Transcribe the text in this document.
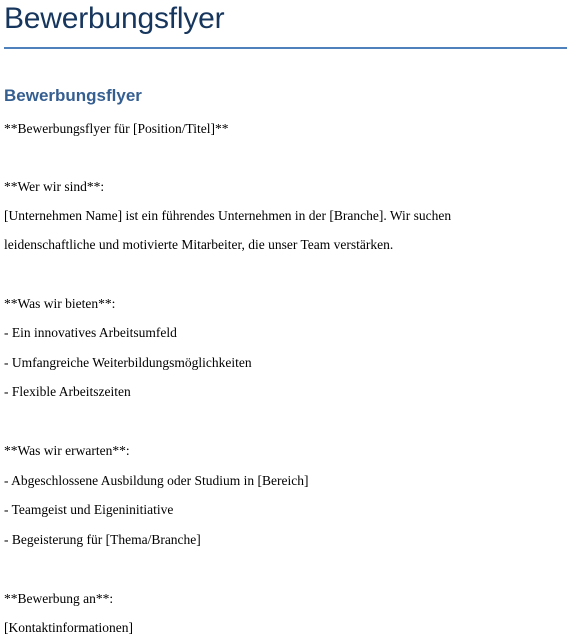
Bewerbungsflyer
Bewerbungsflyer

**Bewerbungsflyer für [Position/Titel]**

**Wer wir sind**:

[Unternehmen Name] ist ein führendes Unternehmen in der [Branche]. Wir suchen

leidenschaftliche und motivierte Mitarbeiter, die unser Team verstärken.

**Was wir bieten**:

- Ein innovatives Arbeitsumfeld

- Umfangreiche Weiterbildungsmöglichkeiten

- Flexible Arbeitszeiten

**Was wir erwarten**:

- Abgeschlossene Ausbildung oder Studium in [Bereich]

- Teamgeist und Eigeninitiative

- Begeisterung für [Thema/Branche]

**Bewerbung an**:

[Kontaktinformationen]
